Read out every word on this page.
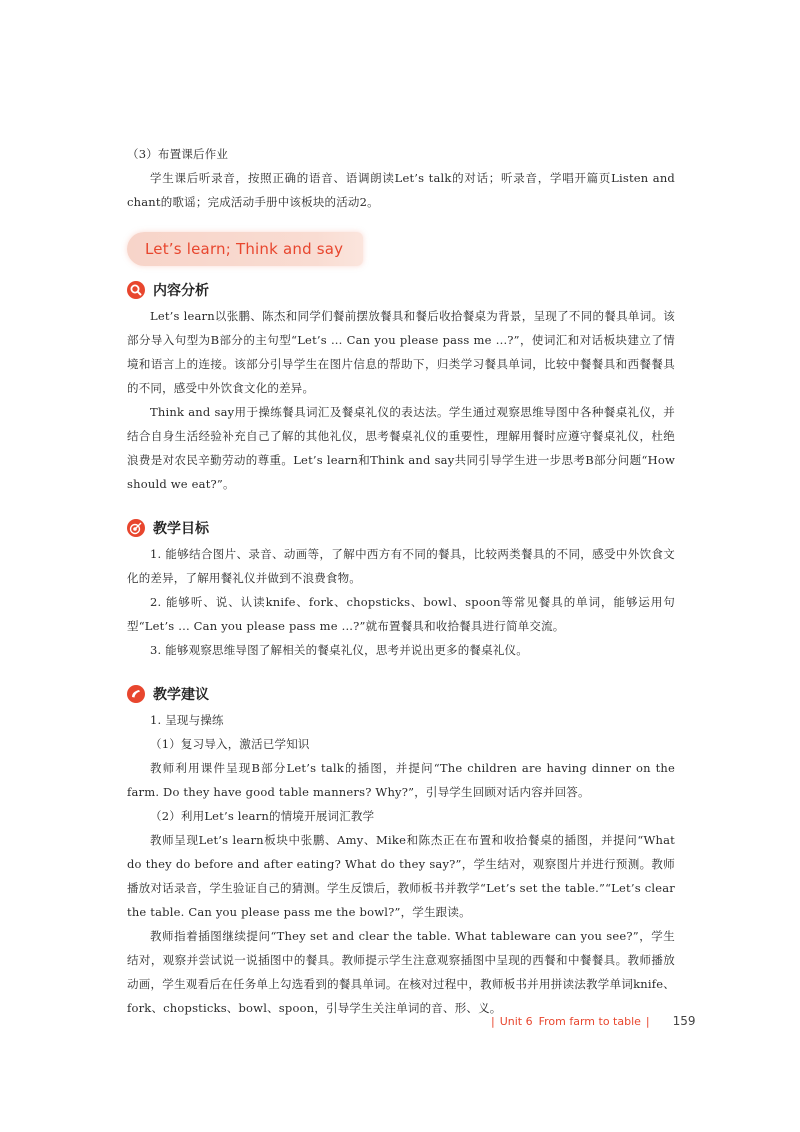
（3）布置课后作业

学生课后听录音，按照正确的语音、语调朗读Let’s talk的对话；听录音，学唱开篇页Listen and chant的歌谣；完成活动手册中该板块的活动2。

Let’s learn; Think and say
内容分析

Let’s learn以张鹏、陈杰和同学们餐前摆放餐具和餐后收拾餐桌为背景，呈现了不同的餐具单词。该部分导入句型为B部分的主句型“Let’s ... Can you please pass me ...?”，使词汇和对话板块建立了情境和语言上的连接。该部分引导学生在图片信息的帮助下，归类学习餐具单词，比较中餐餐具和西餐餐具的不同，感受中外饮食文化的差异。

Think and say用于操练餐具词汇及餐桌礼仪的表达法。学生通过观察思维导图中各种餐桌礼仪，并结合自身生活经验补充自己了解的其他礼仪，思考餐桌礼仪的重要性，理解用餐时应遵守餐桌礼仪，杜绝浪费是对农民辛勤劳动的尊重。Let’s learn和Think and say共同引导学生进一步思考B部分问题“How should we eat?”。

教学目标

1. 能够结合图片、录音、动画等，了解中西方有不同的餐具，比较两类餐具的不同，感受中外饮食文化的差异，了解用餐礼仪并做到不浪费食物。

2. 能够听、说、认读knife、fork、chopsticks、bowl、spoon等常见餐具的单词，能够运用句型“Let’s ... Can you please pass me ...?”就布置餐具和收拾餐具进行简单交流。

3. 能够观察思维导图了解相关的餐桌礼仪，思考并说出更多的餐桌礼仪。

教学建议

1. 呈现与操练

（1）复习导入，激活已学知识

教师利用课件呈现B部分Let’s talk的插图，并提问“The children are having dinner on the farm. Do they have good table manners? Why?”，引导学生回顾对话内容并回答。

（2）利用Let’s learn的情境开展词汇教学

教师呈现Let’s learn板块中张鹏、Amy、Mike和陈杰正在布置和收拾餐桌的插图，并提问“What do they do before and after eating? What do they say?”，学生结对，观察图片并进行预测。教师播放对话录音，学生验证自己的猜测。学生反馈后，教师板书并教学“Let’s set the table.”“Let’s clear the table. Can you please pass me the bowl?”，学生跟读。

教师指着插图继续提问“They set and clear the table. What tableware can you see?”，学生结对，观察并尝试说一说插图中的餐具。教师提示学生注意观察插图中呈现的西餐和中餐餐具。教师播放动画，学生观看后在任务单上勾选看到的餐具单词。在核对过程中，教师板书并用拼读法教学单词knife、fork、chopsticks、bowl、spoon，引导学生关注单词的音、形、义。

| Unit 6 From farm to table | 159
